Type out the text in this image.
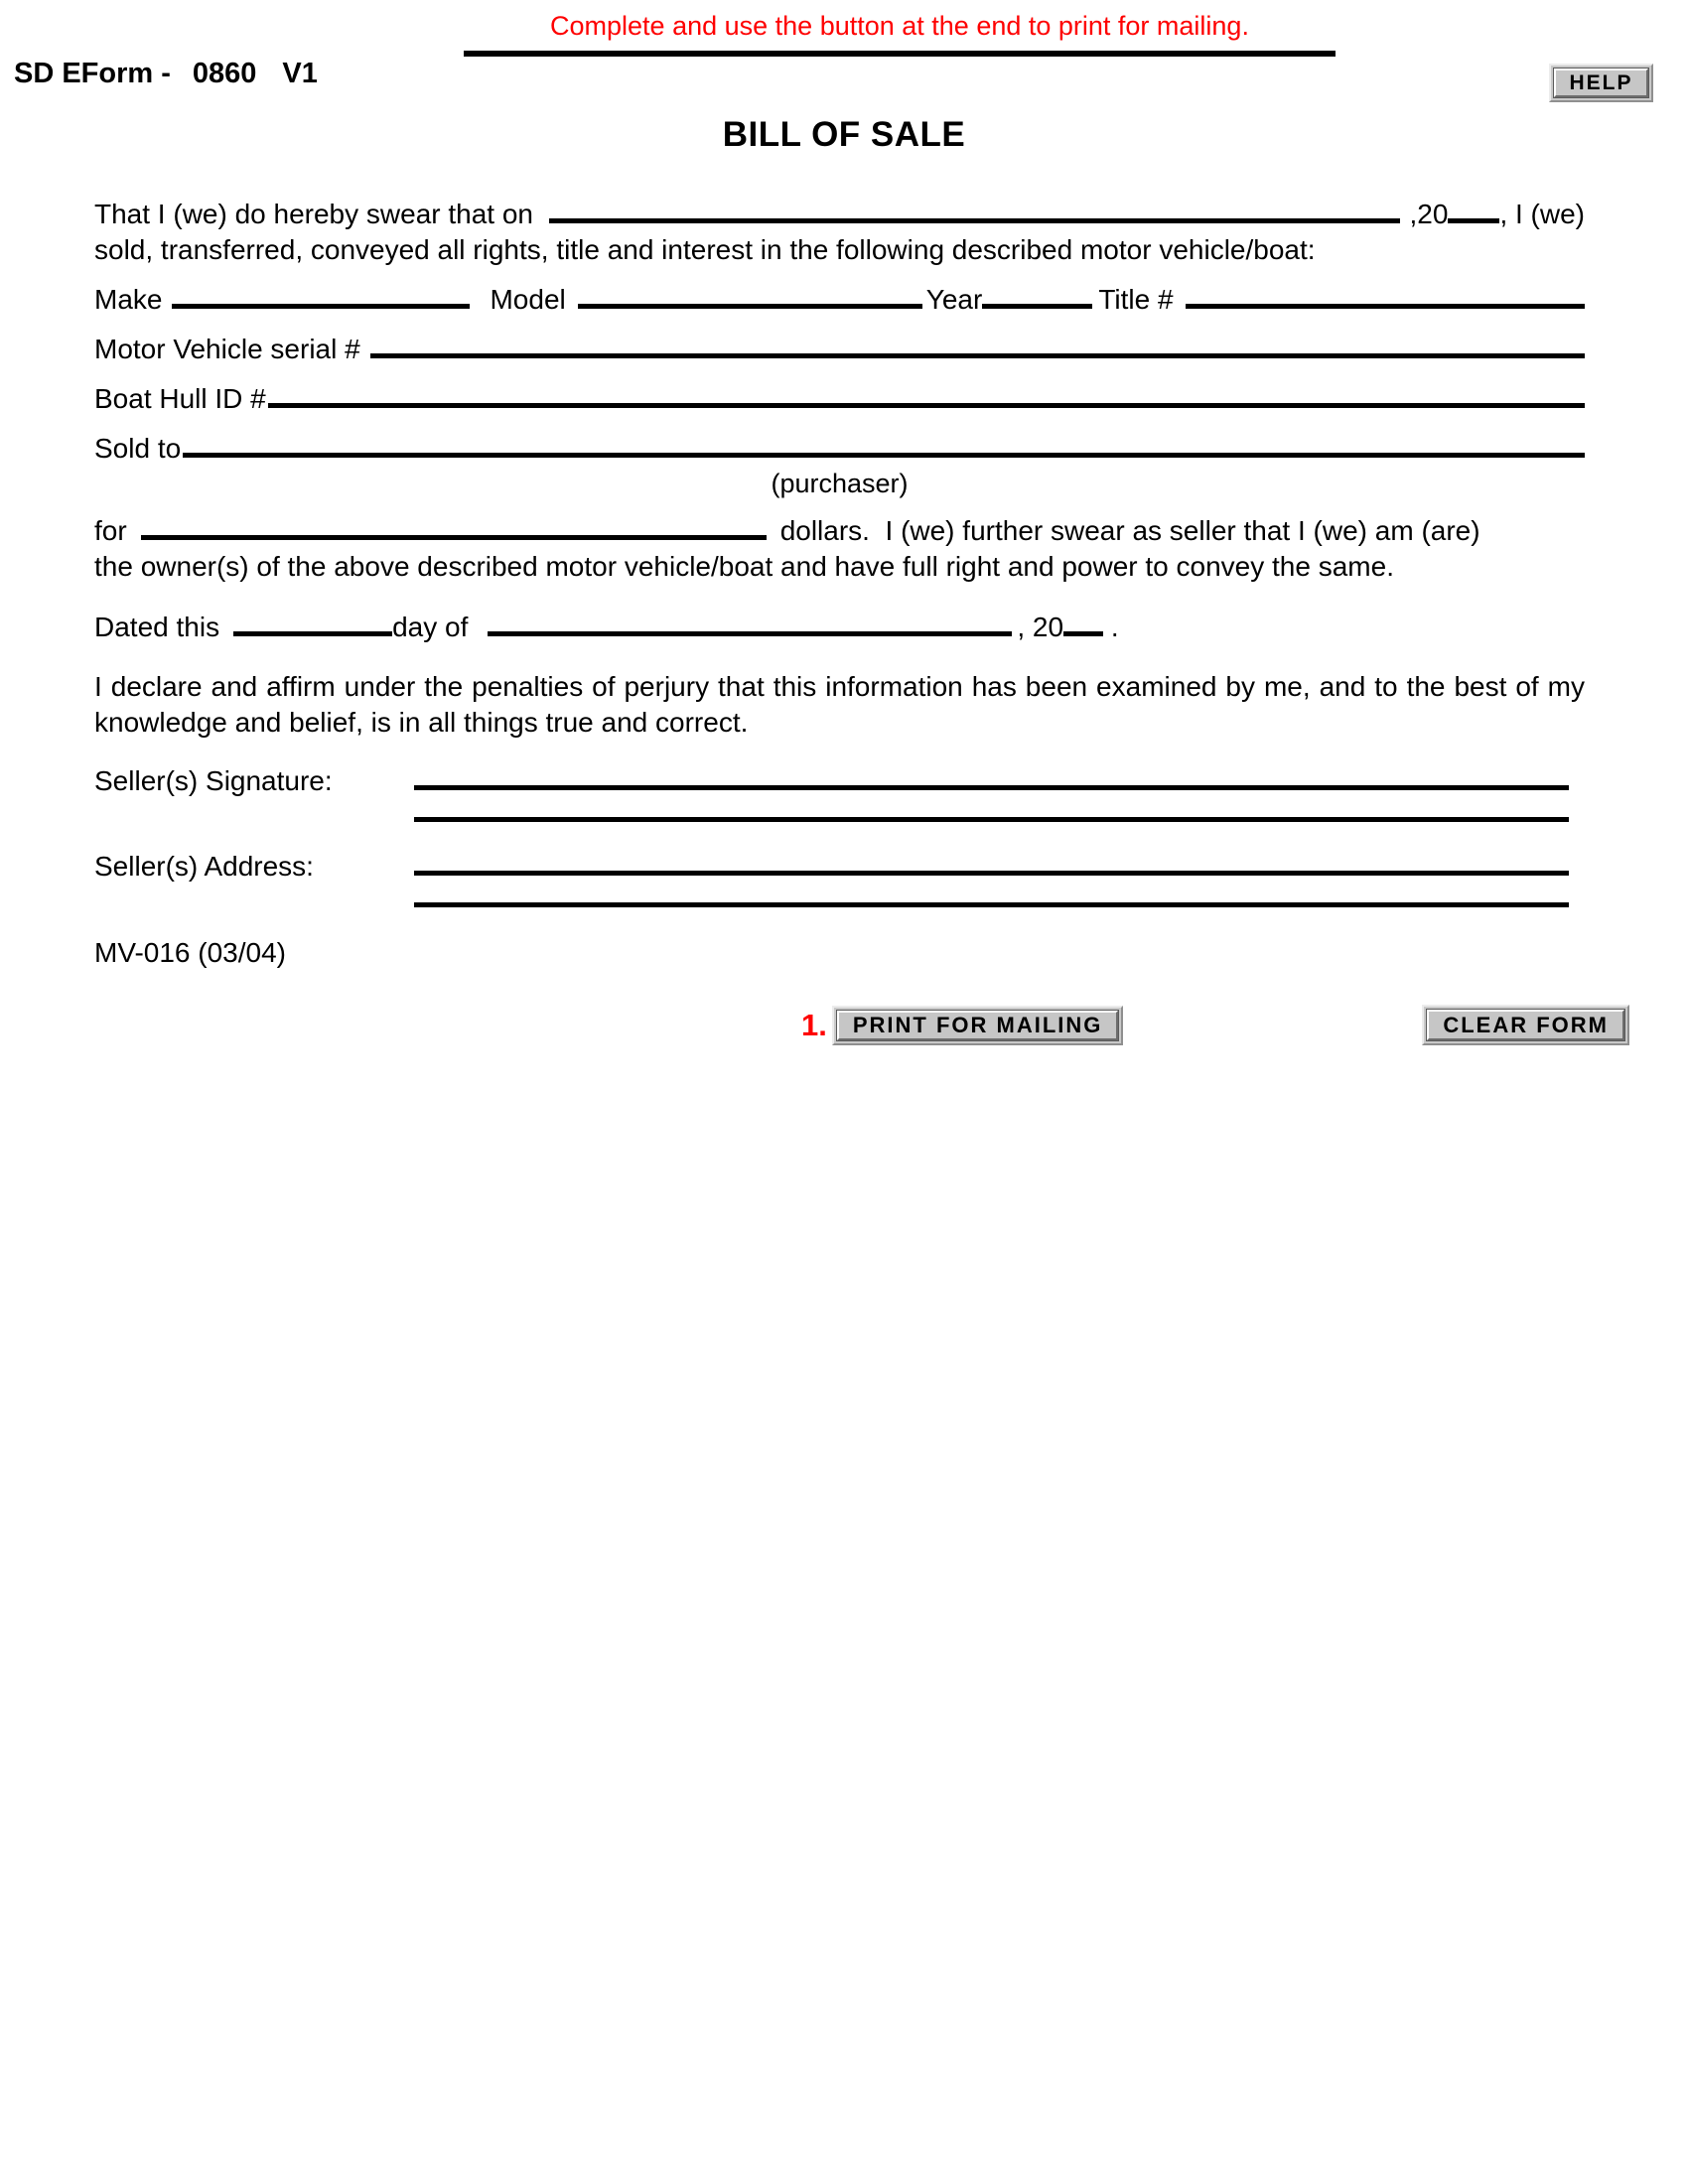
Complete and use the button at the end to print for mailing.
SD EForm - 0860 V1	HELP
BILL OF SALE
That I (we) do hereby swear that on	,20 , I (we)
sold, transferred, conveyed all rights, title and interest in the following described motor vehicle/boat:
Make	Model	Year	Title #
Motor Vehicle serial #
Boat Hull ID #
Sold to
(purchaser)
for	dollars.  I (we) further swear as seller that I (we) am (are)
the owner(s) of the above described motor vehicle/boat and have full right and power to convey the same.
Dated this	day of	, 20 .
I declare and affirm under the penalties of perjury that this information has been examined by me, and to the best of my knowledge and belief, is in all things true and correct.
Seller(s) Signature:
Seller(s) Address:
MV-016 (03/04)
1.	PRINT FOR MAILING	CLEAR FORM
